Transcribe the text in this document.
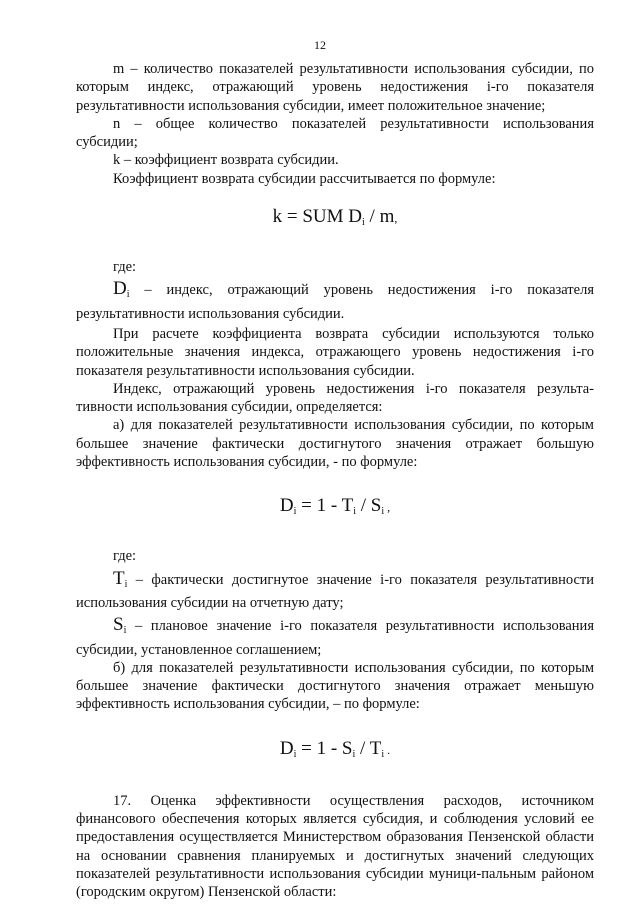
12

m – количество показателей результативности использования субсидии, по которым индекс, отражающий уровень недостижения i-го показателя результативности использования субсидии, имеет положительное значение;

n – общее количество показателей результативности использования субсидии;

k – коэффициент возврата субсидии.

Коэффициент возврата субсидии рассчитывается по формуле:

k = SUM $D_i$ / m,

где:

$D_i$ – индекс, отражающий уровень недостижения i-го показателя результативности использования субсидии.

При расчете коэффициента возврата субсидии используются только положительные значения индекса, отражающего уровень недостижения i-го показателя результативности использования субсидии.

Индекс, отражающий уровень недостижения i-го показателя результа-тивности использования субсидии, определяется:

а) для показателей результативности использования субсидии, по которым большее значение фактически достигнутого значения отражает большую эффективность использования субсидии, - по формуле:

$D_i = 1 - T_i / S_i$ ,

где:

$T_i$ – фактически достигнутое значение i-го показателя результативности использования субсидии на отчетную дату;

$S_i$ – плановое значение i-го показателя результативности использования субсидии, установленное соглашением;

б) для показателей результативности использования субсидии, по которым большее значение фактически достигнутого значения отражает меньшую эффективность использования субсидии, – по формуле:

$D_i = 1 - S_i / T_i$ .

17. Оценка эффективности осуществления расходов, источником финансового обеспечения которых является субсидия, и соблюдения условий ее предоставления осуществляется Министерством образования Пензенской области на основании сравнения планируемых и достигнутых значений следующих показателей результативности использования субсидии муници-пальным районом (городским округом) Пензенской области:
